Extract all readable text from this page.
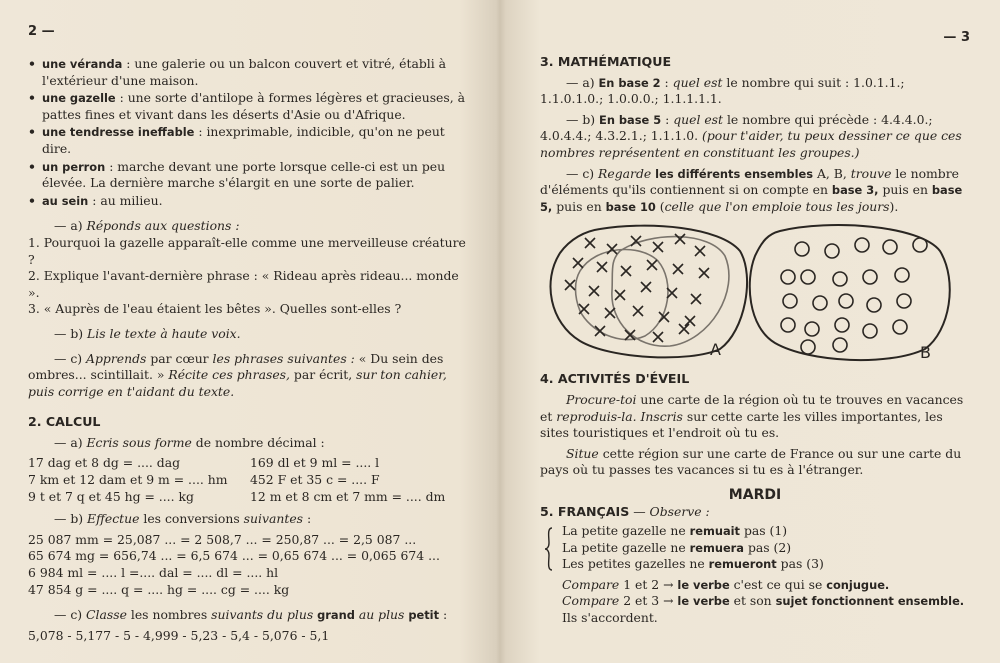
2 —

• une véranda : une galerie ou un balcon couvert et vitré, établi à l'extérieur d'une maison.

• une gazelle : une sorte d'antilope à formes légères et gracieuses, à pattes fines et vivant dans les déserts d'Asie ou d'Afrique.

• une tendresse ineffable : inexprimable, indicible, qu'on ne peut dire.

• un perron : marche devant une porte lorsque celle-ci est un peu élevée. La dernière marche s'élargit en une sorte de palier.

• au sein : au milieu.

— a) Réponds aux questions :

1. Pourquoi la gazelle apparaît-elle comme une merveilleuse créature ?

2. Explique l'avant-dernière phrase : « Rideau après rideau... monde ».

3. « Auprès de l'eau étaient les bêtes ». Quelles sont-elles ?

— b) Lis le texte à haute voix.

— c) Apprends par cœur les phrases suivantes : « Du sein des ombres... scintillait. » Récite ces phrases, par écrit, sur ton cahier, puis corrige en t'aidant du texte.

2. CALCUL

— a) Ecris sous forme de nombre décimal :

17 dag et 8 dg = .... dag	169 dl et 9 ml = .... l
7 km et 12 dam et 9 m = .... hm	452 F et 35 c = .... F
9 t et 7 q et 45 hg = .... kg	12 m et 8 cm et 7 mm = .... dm

— b) Effectue les conversions suivantes :

25 087 mm = 25,087 ... = 2 508,7 ... = 250,87 ... = 2,5 087 ...

65 674 mg = 656,74 ... = 6,5 674 ... = 0,65 674 ... = 0,065 674 ...

6 984 ml = .... l =.... dal = .... dl = .... hl

47 854 g = .... q = .... hg = .... cg = .... kg

— c) Classe les nombres suivants du plus grand au plus petit :

5,078 - 5,177 - 5 - 4,999 - 5,23 - 5,4 - 5,076 - 5,1

— 3

3. MATHÉMATIQUE

— a) En base 2 : quel est le nombre qui suit : 1.0.1.1.; 1.1.0.1.0.; 1.0.0.0.; 1.1.1.1.1.

— b) En base 5 : quel est le nombre qui précède : 4.4.4.0.; 4.0.4.4.; 4.3.2.1.; 1.1.1.0. (pour t'aider, tu peux dessiner ce que ces nombres représentent en constituant les groupes.)

— c) Regarde les différents ensembles A, B, trouve le nombre d'éléments qu'ils contiennent si on compte en base 3, puis en base 5, puis en base 10 (celle que l'on emploie tous les jours).

A	B

4. ACTIVITÉS D'ÉVEIL

Procure-toi une carte de la région où tu te trouves en vacances et reproduis-la. Inscris sur cette carte les villes importantes, les sites touristiques et l'endroit où tu es.

Situe cette région sur une carte de France ou sur une carte du pays où tu passes tes vacances si tu es à l'étranger.

MARDI

5. FRANÇAIS — Observe :

La petite gazelle ne remuait pas (1)

La petite gazelle ne remuera pas (2)

Les petites gazelles ne remueront pas (3)

Compare 1 et 2 → le verbe c'est ce qui se conjugue.

Compare 2 et 3 → le verbe et son sujet fonctionnent ensemble.

Ils s'accordent.
